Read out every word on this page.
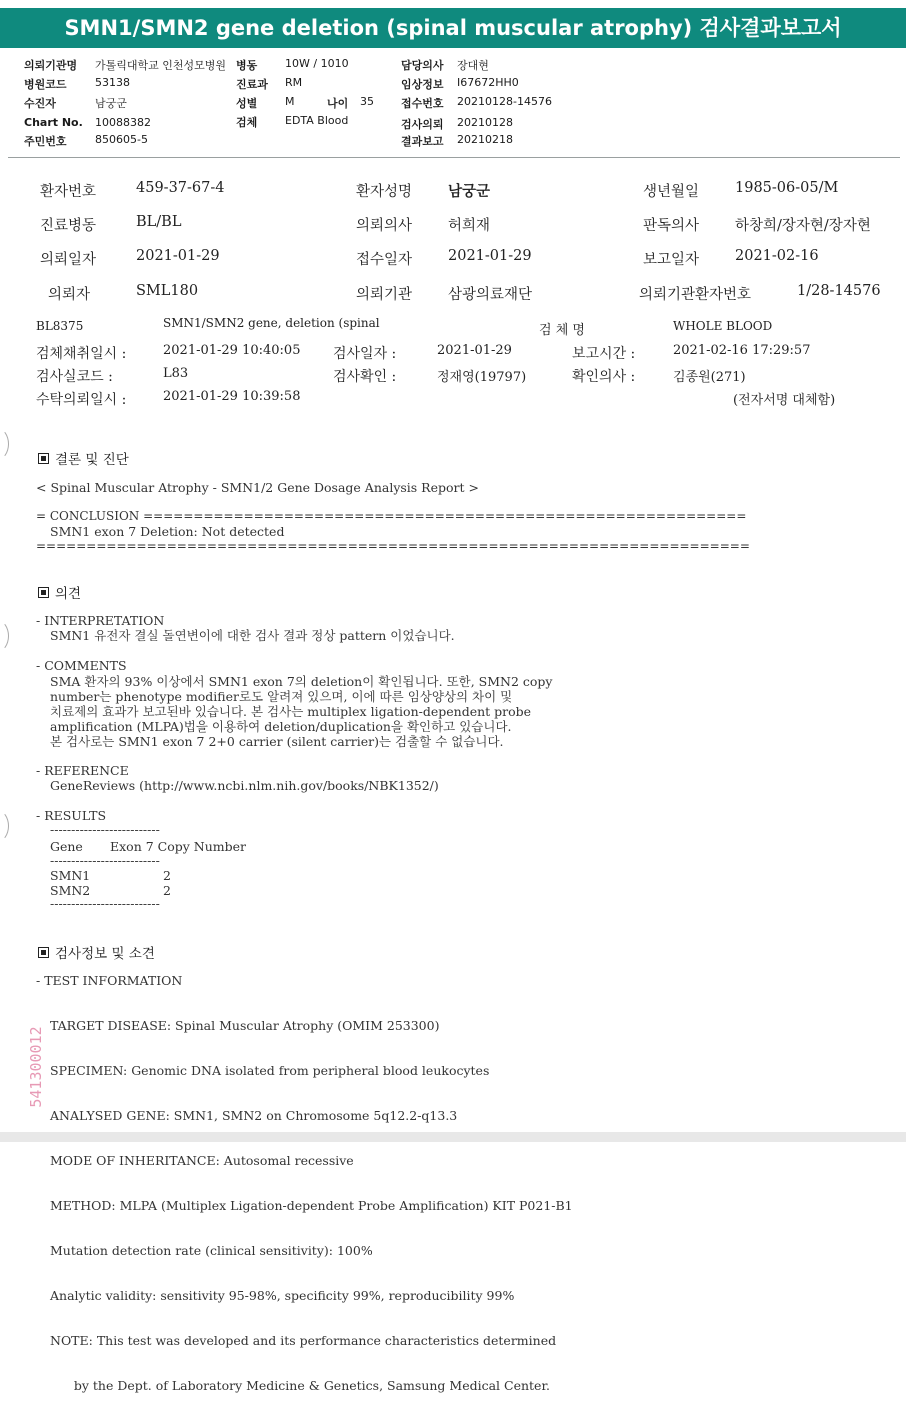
SMN1/SMN2 gene deletion (spinal muscular atrophy) 검사결과보고서
의뢰기관명 가톨릭대학교 인천성모병원 병동	10W / 1010	담당의사 장대현
병원코드	53138	진료과 RM	임상정보 I67672HH0
수진자	남궁군	성별	M	나이 35 접수번호 20210128-14576
Chart No. 10088382	검체	EDTA Blood	검사의뢰 20210128
주민번호	850605-5	결과보고 20210218
환자번호	459-37-67-4	환자성명 남궁군	생년월일 1985-06-05/M
진료병동	BL/BL	의뢰의사 허희재	판독의사 하창희/장자현/장자현
의뢰일자	2021-01-29	접수일자 2021-01-29	보고일자 2021-02-16
의뢰자	SML180	의뢰기관 삼광의료재단	의뢰기관환자번호	1/28-14576
BL8375	SMN1/SMN2 gene, deletion (spinal	검 체 명	WHOLE BLOOD
검체채취일시 :	2021-01-29 10:40:05 검사일자 :	2021-01-29	보고시간 :	2021-02-16 17:29:57
검사실코드 :	L83	검사확인 :	정재영(19797)	확인의사 :	김종원(271)
수탁의뢰일시 :	2021-01-29 10:39:58	(전자서명 대체함)
결론 및 진단
< Spinal Muscular Atrophy - SMN1/2 Gene Dosage Analysis Report >
= CONCLUSION ============================================================
SMN1 exon 7 Deletion: Not detected
=======================================================================
의견
- INTERPRETATION
SMN1 유전자 결실 돌연변이에 대한 검사 결과 정상 pattern 이었습니다.
- COMMENTS
SMA 환자의 93% 이상에서 SMN1 exon 7의 deletion이 확인됩니다. 또한, SMN2 copy
number는 phenotype modifier로도 알려져 있으며, 이에 따른 임상양상의 차이 및
치료제의 효과가 보고된바 있습니다. 본 검사는 multiplex ligation-dependent probe
amplification (MLPA)법을 이용하여 deletion/duplication을 확인하고 있습니다.
본 검사로는 SMN1 exon 7 2+0 carrier (silent carrier)는 검출할 수 없습니다.
- REFERENCE
GeneReviews (http://www.ncbi.nlm.nih.gov/books/NBK1352/)
- RESULTS
--------------------------
Gene Exon 7 Copy Number
--------------------------
SMN1	2
SMN2	2
--------------------------
검사정보 및 소견
- TEST INFORMATION

TARGET DISEASE: Spinal Muscular Atrophy (OMIM 253300)

SPECIMEN: Genomic DNA isolated from peripheral blood leukocytes

ANALYSED GENE: SMN1, SMN2 on Chromosome 5q12.2-q13.3

MODE OF INHERITANCE: Autosomal recessive

METHOD: MLPA (Multiplex Ligation-dependent Probe Amplification) KIT P021-B1

Mutation detection rate (clinical sensitivity): 100%

Analytic validity: sensitivity 95-98%, specificity 99%, reproducibility 99%

NOTE: This test was developed and its performance characteristics determined

by the Dept. of Laboratory Medicine & Genetics, Samsung Medical Center.

541300012
